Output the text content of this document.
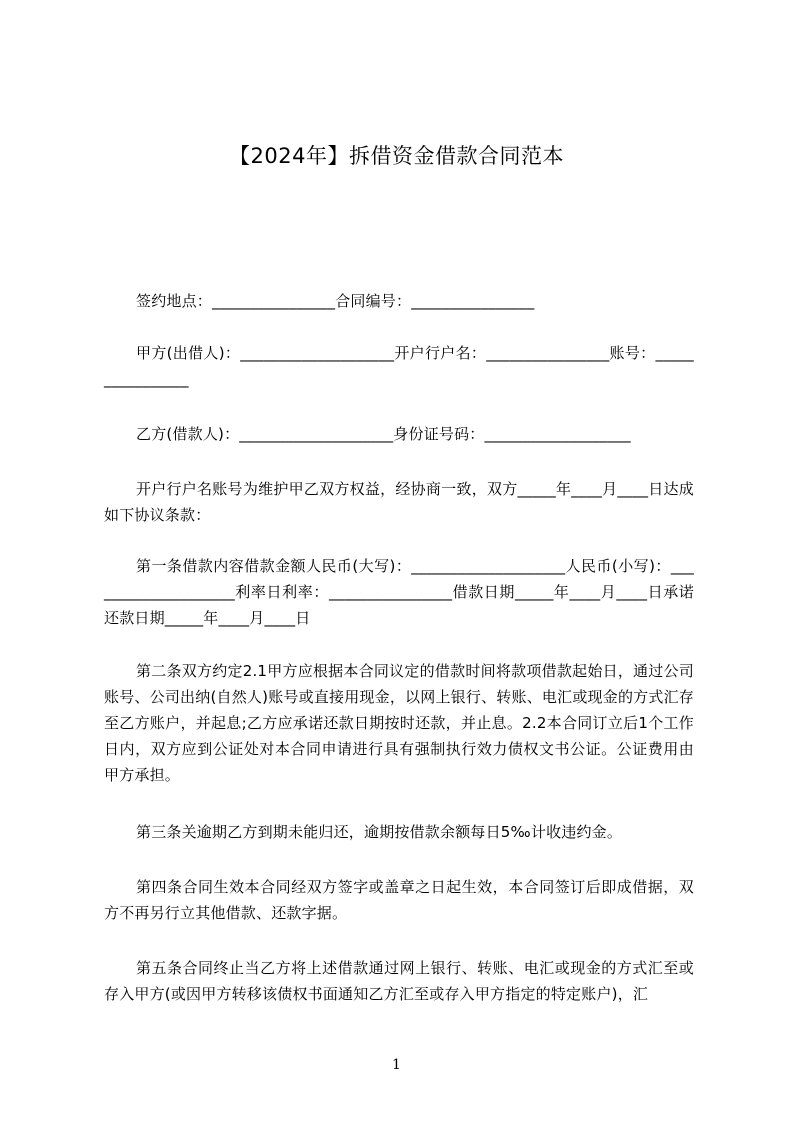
【2024年】拆借资金借款合同范本

签约地点：________________合同编号：________________

甲方(出借人)：____________________开户行户名：________________账号：________________

乙方(借款人)：____________________身份证号码：___________________

开户行户名账号为维护甲乙双方权益，经协商一致，双方_____年____月____日达成如下协议条款：

第一条借款内容借款金额人民币(大写)：____________________人民币(小写)：____________________利率日利率：________________借款日期_____年____月____日承诺还款日期_____年____月____日

第二条双方约定2.1甲方应根据本合同议定的借款时间将款项借款起始日，通过公司账号、公司出纳(自然人)账号或直接用现金，以网上银行、转账、电汇或现金的方式汇存至乙方账户，并起息;乙方应承诺还款日期按时还款，并止息。2.2本合同订立后1个工作日内，双方应到公证处对本合同申请进行具有强制执行效力债权文书公证。公证费用由甲方承担。

第三条关逾期乙方到期未能归还，逾期按借款余额每日5‰计收违约金。

第四条合同生效本合同经双方签字或盖章之日起生效，本合同签订后即成借据，双方不再另行立其他借款、还款字据。

第五条合同终止当乙方将上述借款通过网上银行、转账、电汇或现金的方式汇至或存入甲方(或因甲方转移该债权书面通知乙方汇至或存入甲方指定的特定账户)，汇

1
